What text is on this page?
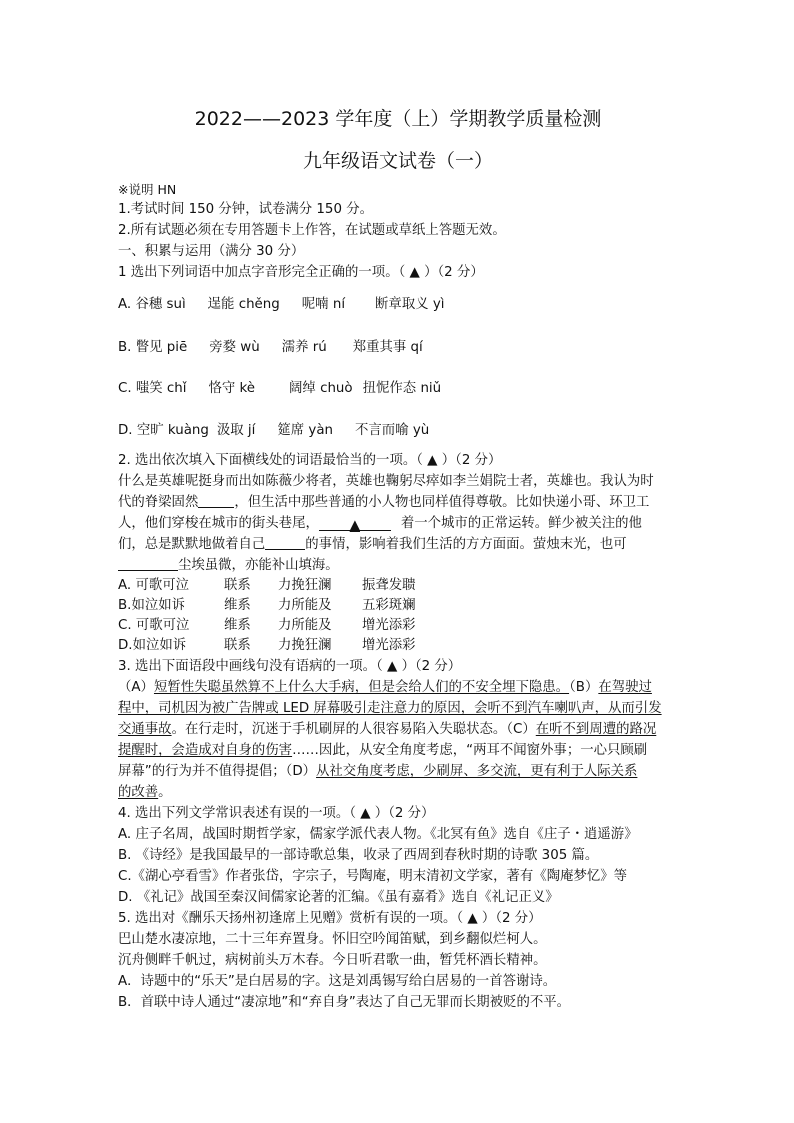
2022——2023 学年度（上）学期教学质量检测
九年级语文试卷（一）
※说明 HN
1.考试时间 150 分钟，试卷满分 150 分。
2.所有试题必须在专用答题卡上作答，在试题或草纸上答题无效。
一、积累与运用（满分 30 分）
1 选出下列词语中加点字音形完全正确的一项。（ ▲ ）（2 分）
A. 谷穗 suì 逞能 chěng 呢喃 ní 断章取义 yì
B. 瞥见 piē 旁婺 wù 濡养 rú 郑重其事 qí
C. 嗤笑 chǐ 恪守 kè	阔绰 chuò 扭怩作态 niǔ
D. 空旷 kuàng 汲取 jí 筵席 yàn 不言而喻 yù
2. 选出依次填入下面横线处的词语最恰当的一项。（ ▲ ）（2 分）
什么是英雄呢挺身而出如陈薇少将者，英雄也鞠躬尽瘁如李兰娟院士者，英雄也。我认为时
代的脊梁固然	，但生活中那些普通的小人物也同样值得尊敬。比如快递小哥、环卫工
人，他们穿梭在城市的街头巷尾， ▲	着一个城市的正常运转。鲜少被关注的他
们，总是默默地做着自己	的事情，影响着我们生活的方方面面。萤烛末光，也可
尘埃虽微，亦能补山填海。
A. 可歌可泣	联系 力挽狂澜 振聋发聩
B.如泣如诉	维系 力所能及 五彩斑斓
C. 可歌可泣	维系 力所能及 增光添彩
D.如泣如诉	联系 力挽狂澜 增光添彩
3. 选出下面语段中画线句没有语病的一项。（ ▲ ）（2 分）
（A）短暂性失聪虽然算不上什么大手病，但是会给人们的不安全埋下隐患。（B）在驾驶过
程中，司机因为被广告牌或 LED 屏幕吸引走注意力的原因，会听不到汽车喇叭声，从而引发
交通事故。在行走时，沉迷于手机刷屏的人很容易陷入失聪状态。（C）在听不到周遭的路况
提醒时，会造成对自身的伤害……因此，从安全角度考虑，“两耳不闻窗外事；一心只顾刷
屏幕”的行为并不值得提倡；（D）从社交角度考虑，少刷屏、多交流，更有利于人际关系
的改善。
4. 选出下列文学常识表述有误的一项。（ ▲ ）（2 分）
A. 庄子名周，战国时期哲学家，儒家学派代表人物。《北冥有鱼》选自《庄子・逍遥游》
B. 《诗经》是我国最早的一部诗歌总集，收录了西周到春秋时期的诗歌 305 篇。
C.《湖心亭看雪》作者张岱，字宗子，号陶庵，明末清初文学家，著有《陶庵梦忆》等
D. 《礼记》战国至秦汉间儒家论著的汇编。《虽有嘉肴》选自《礼记正义》
5. 选出对《酬乐天扬州初逢席上见赠》赏析有误的一项。（ ▲ ）（2 分）
巴山楚水凄凉地，二十三年弃置身。怀旧空吟闻笛赋，到乡翻似烂柯人。
沉舟侧畔千帆过，病树前头万木春。今日听君歌一曲，暂凭杯酒长精神。
A．诗题中的“乐天”是白居易的字。这是刘禹锡写给白居易的一首答谢诗。
B．首联中诗人通过“凄凉地”和“弃自身”表达了自己无罪而长期被贬的不平。
